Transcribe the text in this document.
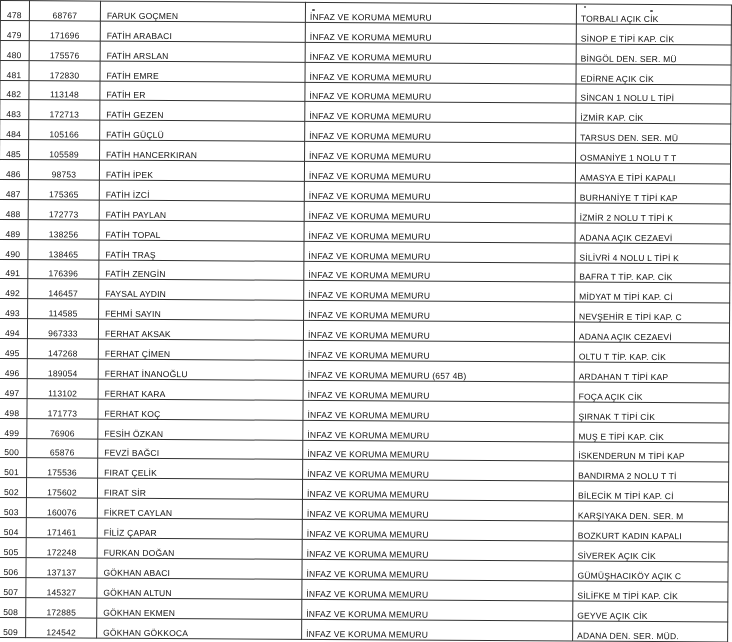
478	68767	FARUK GOÇMEN	İNFAZ VE KORUMA MEMURU	TORBALI AÇIK CİK
479	171696	FATİH ARABACI	İNFAZ VE KORUMA MEMURU	SİNOP E TİPİ KAP. CİK
480	175576	FATİH ARSLAN	İNFAZ VE KORUMA MEMURU	BİNGÖL DEN. SER. MÜ
481	172830	FATİH EMRE	İNFAZ VE KORUMA MEMURU	EDİRNE AÇIK CİK
482	113148	FATİH ER	İNFAZ VE KORUMA MEMURU	SİNCAN 1 NOLU L TİPİ
483	172713	FATİH GEZEN	İNFAZ VE KORUMA MEMURU	İZMİR KAP. CİK
484	105166	FATİH GÜÇLÜ	İNFAZ VE KORUMA MEMURU	TARSUS DEN. SER. MÜ
485	105589	FATİH HANCERKIRAN	İNFAZ VE KORUMA MEMURU	OSMANİYE 1 NOLU T T
486	98753	FATİH İPEK	İNFAZ VE KORUMA MEMURU	AMASYA E TİPİ KAPALI
487	175365	FATİH İZCİ	İNFAZ VE KORUMA MEMURU	BURHANİYE T TİPİ KAP
488	172773	FATİH PAYLAN	İNFAZ VE KORUMA MEMURU	İZMİR 2 NOLU T TİPİ K
489	138256	FATİH TOPAL	İNFAZ VE KORUMA MEMURU	ADANA AÇIK CEZAEVİ
490	138465	FATİH TRAŞ	İNFAZ VE KORUMA MEMURU	SİLİVRİ 4 NOLU L TİPİ K
491	176396	FATİH ZENGİN	İNFAZ VE KORUMA MEMURU	BAFRA T TİP. KAP. CİK
492	146457	FAYSAL AYDIN	İNFAZ VE KORUMA MEMURU	MİDYAT M TİPİ KAP. Cİ
493	114585	FEHMİ SAYIN	İNFAZ VE KORUMA MEMURU	NEVŞEHİR E TİPİ KAP. C
494	967333	FERHAT AKSAK	İNFAZ VE KORUMA MEMURU	ADANA AÇIK CEZAEVİ
495	147268	FERHAT ÇİMEN	İNFAZ VE KORUMA MEMURU	OLTU T TİP. KAP. CİK
496	189054	FERHAT İNANOĞLU	İNFAZ VE KORUMA MEMURU (657 4B)	ARDAHAN T TİPİ KAP
497	113102	FERHAT KARA	İNFAZ VE KORUMA MEMURU	FOÇA AÇIK CİK
498	171773	FERHAT KOÇ	İNFAZ VE KORUMA MEMURU	ŞIRNAK T TİPİ CİK
499	76906	FESİH ÖZKAN	İNFAZ VE KORUMA MEMURU	MUŞ E TİPİ KAP. CİK
500	65876	FEVZİ BAĞCI	İNFAZ VE KORUMA MEMURU	İSKENDERUN M TİPİ KAP
501	175536	FIRAT ÇELİK	İNFAZ VE KORUMA MEMURU	BANDIRMA 2 NOLU T Tİ
502	175602	FIRAT SİR	İNFAZ VE KORUMA MEMURU	BİLECİK M TİPİ KAP. Cİ
503	160076	FİKRET CAYLAN	İNFAZ VE KORUMA MEMURU	KARŞIYAKA DEN. SER. M
504	171461	FİLİZ ÇAPAR	İNFAZ VE KORUMA MEMURU	BOZKURT KADIN KAPALI
505	172248	FURKAN DOĞAN	İNFAZ VE KORUMA MEMURU	SİVEREK AÇIK CİK
506	137137	GÖKHAN ABACI	İNFAZ VE KORUMA MEMURU	GÜMÜŞHACIKÖY AÇIK C
507	145327	GÖKHAN ALTUN	İNFAZ VE KORUMA MEMURU	SİLİFKE M TİPİ KAP. CİK
508	172885	GÖKHAN EKMEN	İNFAZ VE KORUMA MEMURU	GEYVE AÇIK CİK
509	124542	GÖKHAN GÖKKOCA	İNFAZ VE KORUMA MEMURU	ADANA DEN. SER. MÜD.
